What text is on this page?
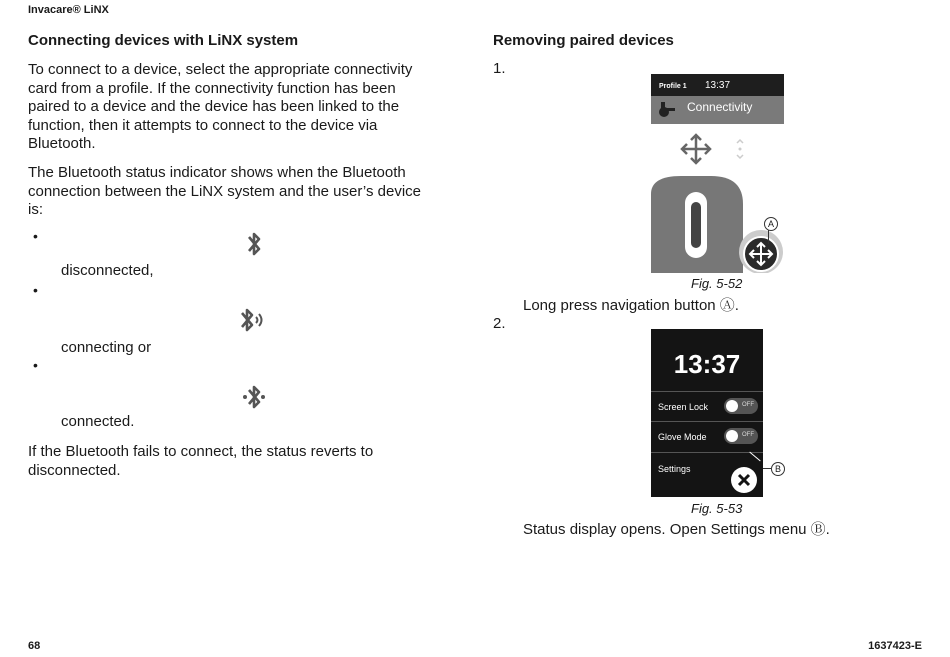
Invacare® LiNX
Connecting devices with LiNX system
To connect to a device, select the appropriate connectivity
card from a profile. If the connectivity function has been
paired to a device and the device has been linked to the
function, then it attempts to connect to the device via
Bluetooth.
The Bluetooth status indicator shows when the Bluetooth
connection between the LiNX system and the user’s device
is:
•
disconnected,
•
connecting or
•
connected.
If the Bluetooth fails to connect, the status reverts to
disconnected.
Removing paired devices
1.
Profile 1 13:37
Connectivity
A
Fig. 5-52
Long press navigation button Ⓐ.
2.
13:37
Screen Lock	OFF
Glove Mode	OFF
Settings	B
Fig. 5-53
Status display opens. Open Settings menu Ⓑ.
68	1637423-E
